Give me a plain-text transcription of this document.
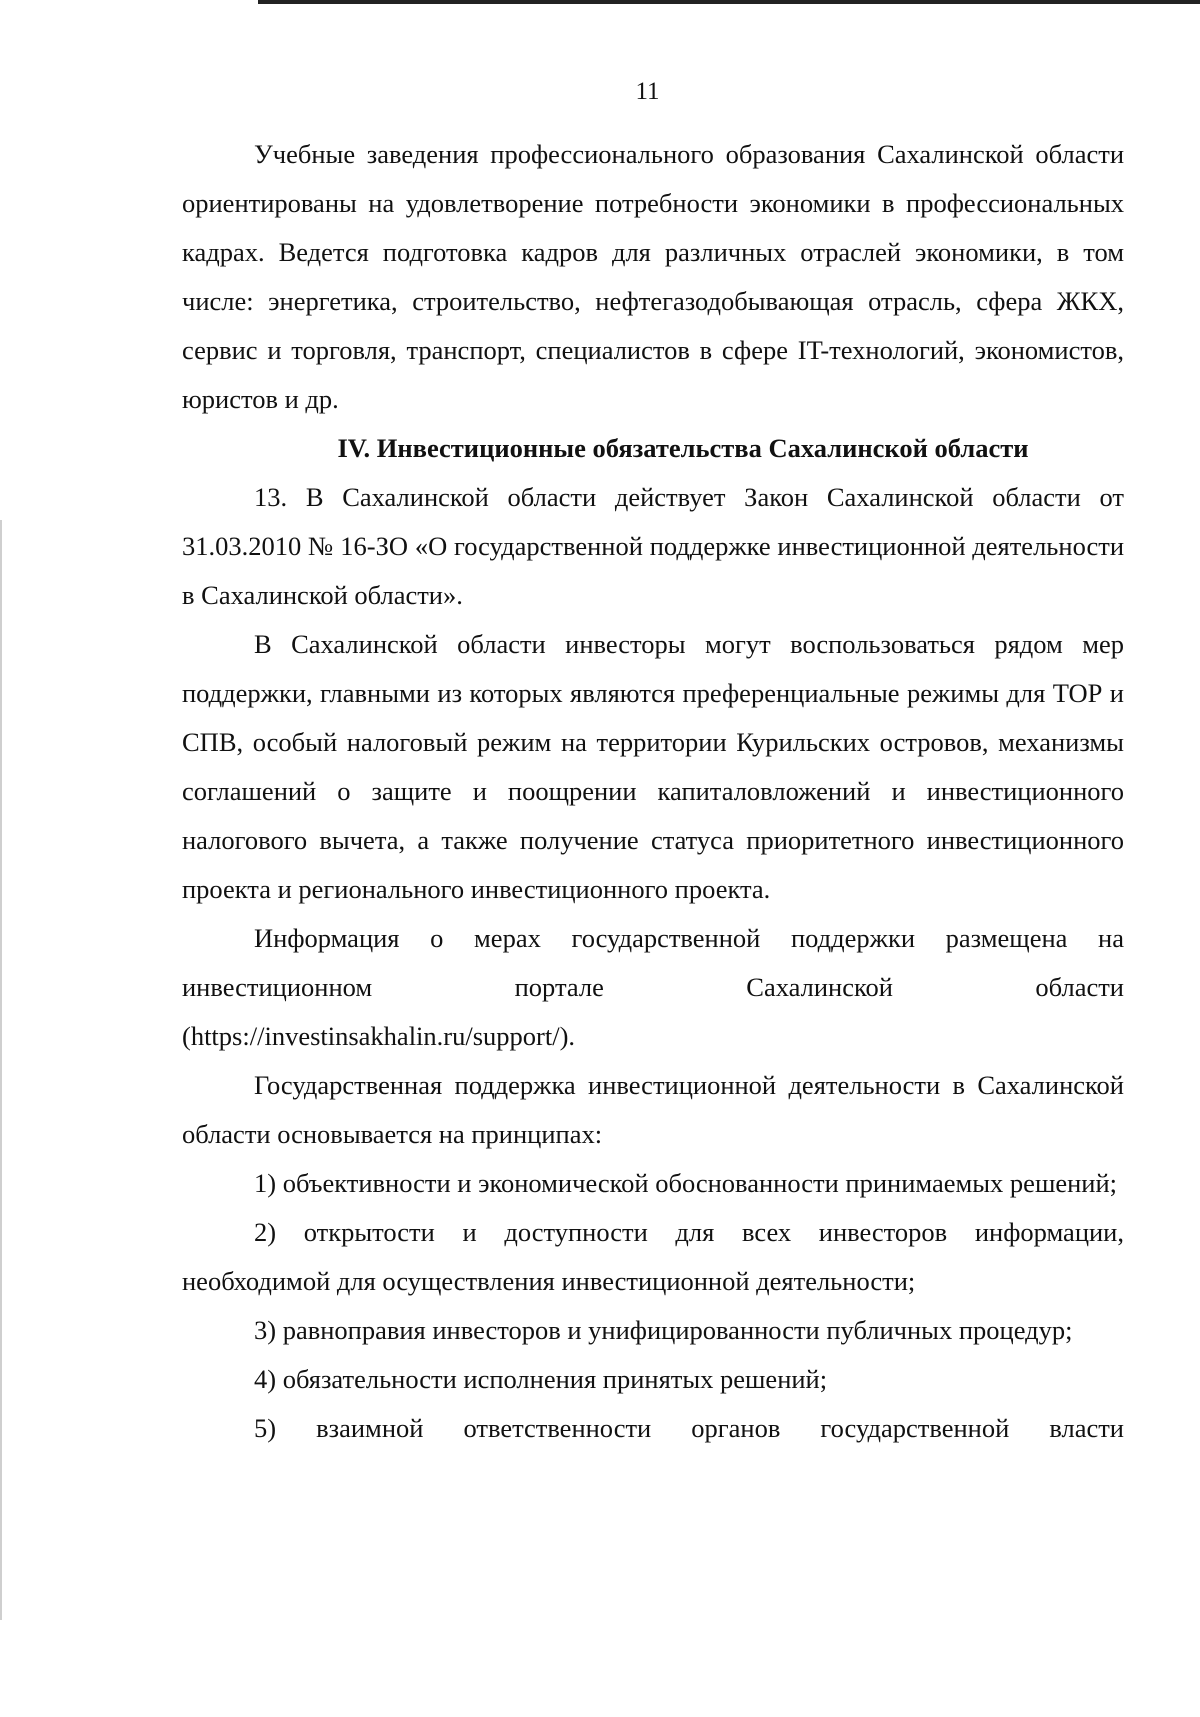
11

Учебные заведения профессионального образования Сахалинской области ориентированы на удовлетворение потребности экономики в профессиональных кадрах. Ведется подготовка кадров для различных отраслей экономики, в том числе: энергетика, строительство, нефтегазодобывающая отрасль, сфера ЖКХ, сервис и торговля, транспорт, специалистов в сфере IT-технологий, экономистов, юристов и др.

IV. Инвестиционные обязательства Сахалинской области

13. В Сахалинской области действует Закон Сахалинской области от 31.03.2010 № 16-ЗО «О государственной поддержке инвестиционной деятельности в Сахалинской области».

В Сахалинской области инвесторы могут воспользоваться рядом мер поддержки, главными из которых являются преференциальные режимы для ТОР и СПВ, особый налоговый режим на территории Курильских островов, механизмы соглашений о защите и поощрении капиталовложений и инвестиционного налогового вычета, а также получение статуса приоритетного инвестиционного проекта и регионального инвестиционного проекта.

Информация о мерах государственной поддержки размещена на
инвестиционном портале Сахалинской области
(https://investinsakhalin.ru/support/).

Государственная поддержка инвестиционной деятельности в Сахалинской области основывается на принципах:

1) объективности и экономической обоснованности принимаемых решений;

2) открытости и доступности для всех инвесторов информации, необходимой для осуществления инвестиционной деятельности;

3) равноправия инвесторов и унифицированности публичных процедур;

4) обязательности исполнения принятых решений;

5) взаимной ответственности органов государственной власти
